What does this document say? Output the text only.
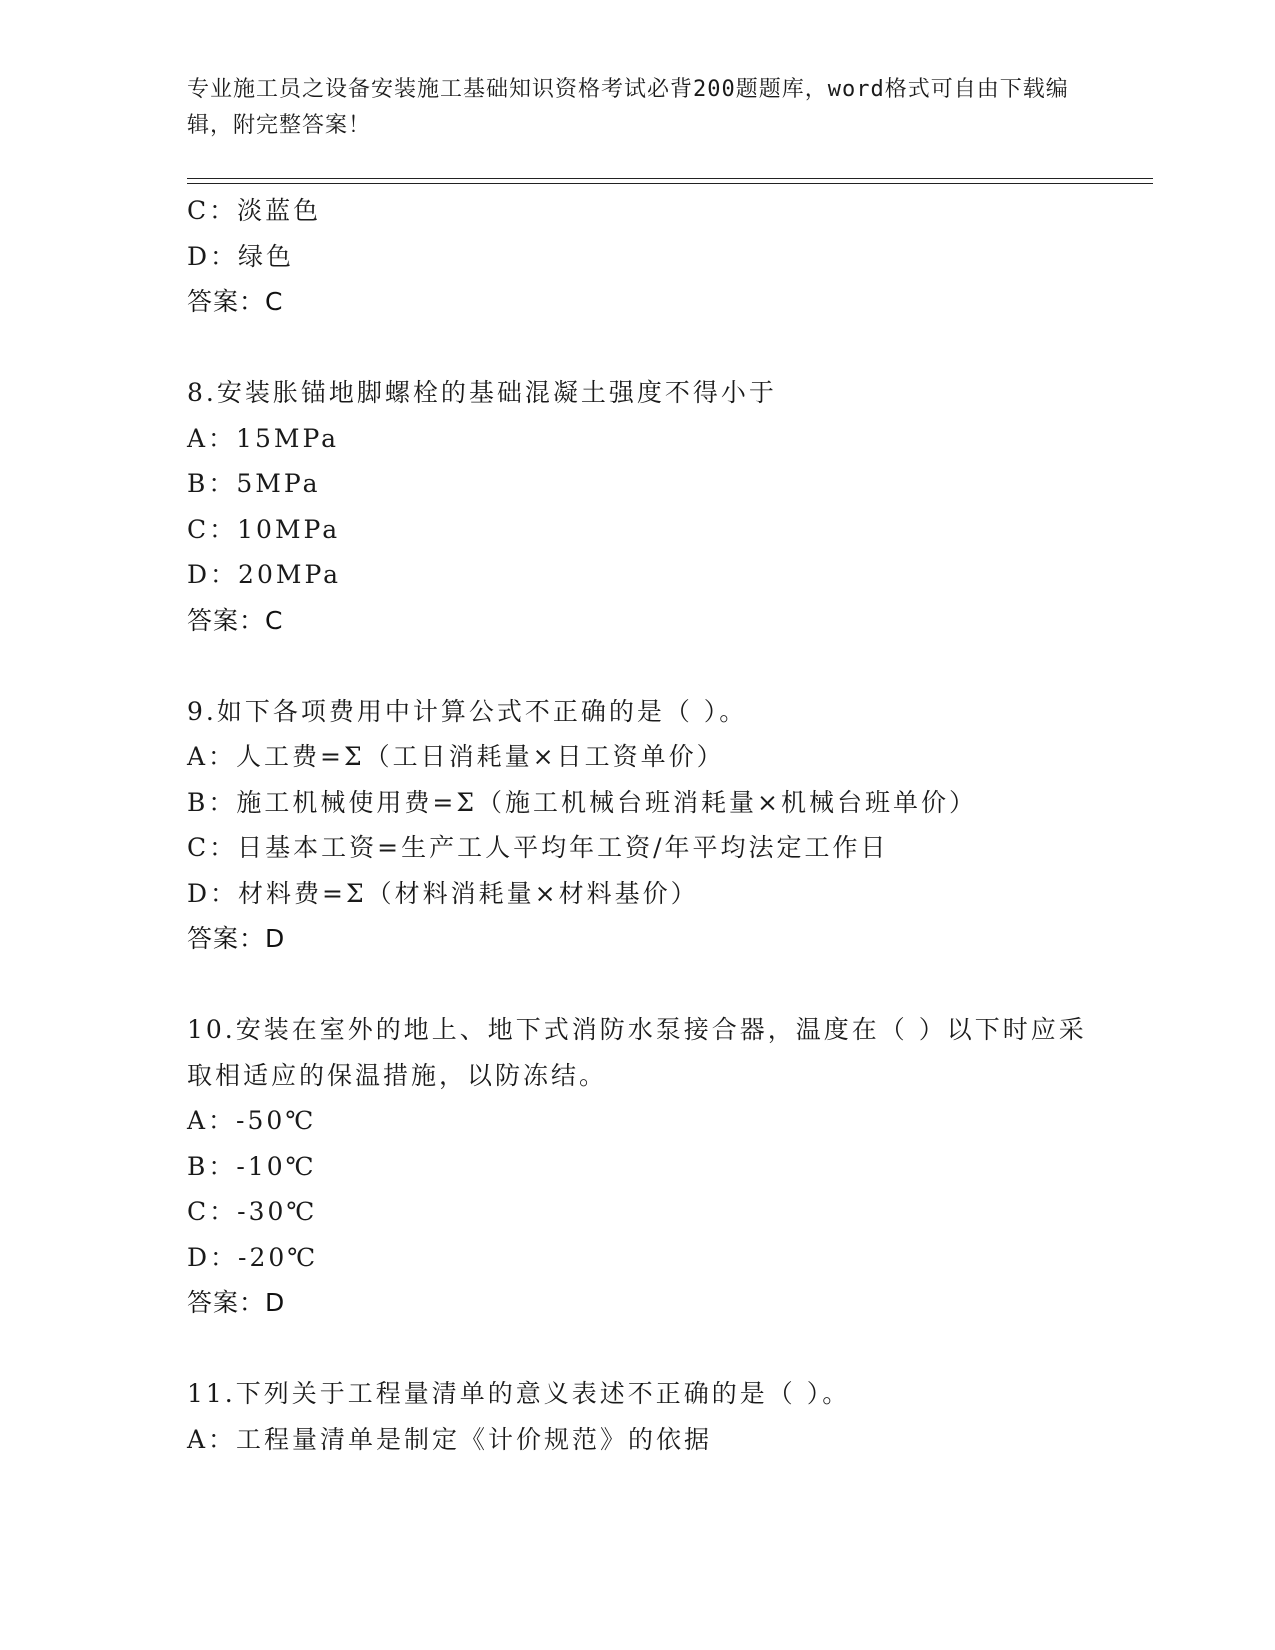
专业施工员之设备安装施工基础知识资格考试必背200题题库，word格式可自由下载编辑，附完整答案！
C：淡蓝色
D：绿色
答案：C
8.安装胀锚地脚螺栓的基础混凝土强度不得小于
A：15MPa
B：5MPa
C：10MPa
D：20MPa
答案：C
9.如下各项费用中计算公式不正确的是（ ）。
A：人工费=Σ（工日消耗量×日工资单价）
B：施工机械使用费=Σ（施工机械台班消耗量×机械台班单价）
C：日基本工资=生产工人平均年工资/年平均法定工作日
D：材料费=Σ（材料消耗量×材料基价）
答案：D
10.安装在室外的地上、地下式消防水泵接合器，温度在（ ）以下时应采取相适应的保温措施，以防冻结。
A：-50℃
B：-10℃
C：-30℃
D：-20℃
答案：D
11.下列关于工程量清单的意义表述不正确的是（ ）。
A：工程量清单是制定《计价规范》的依据
